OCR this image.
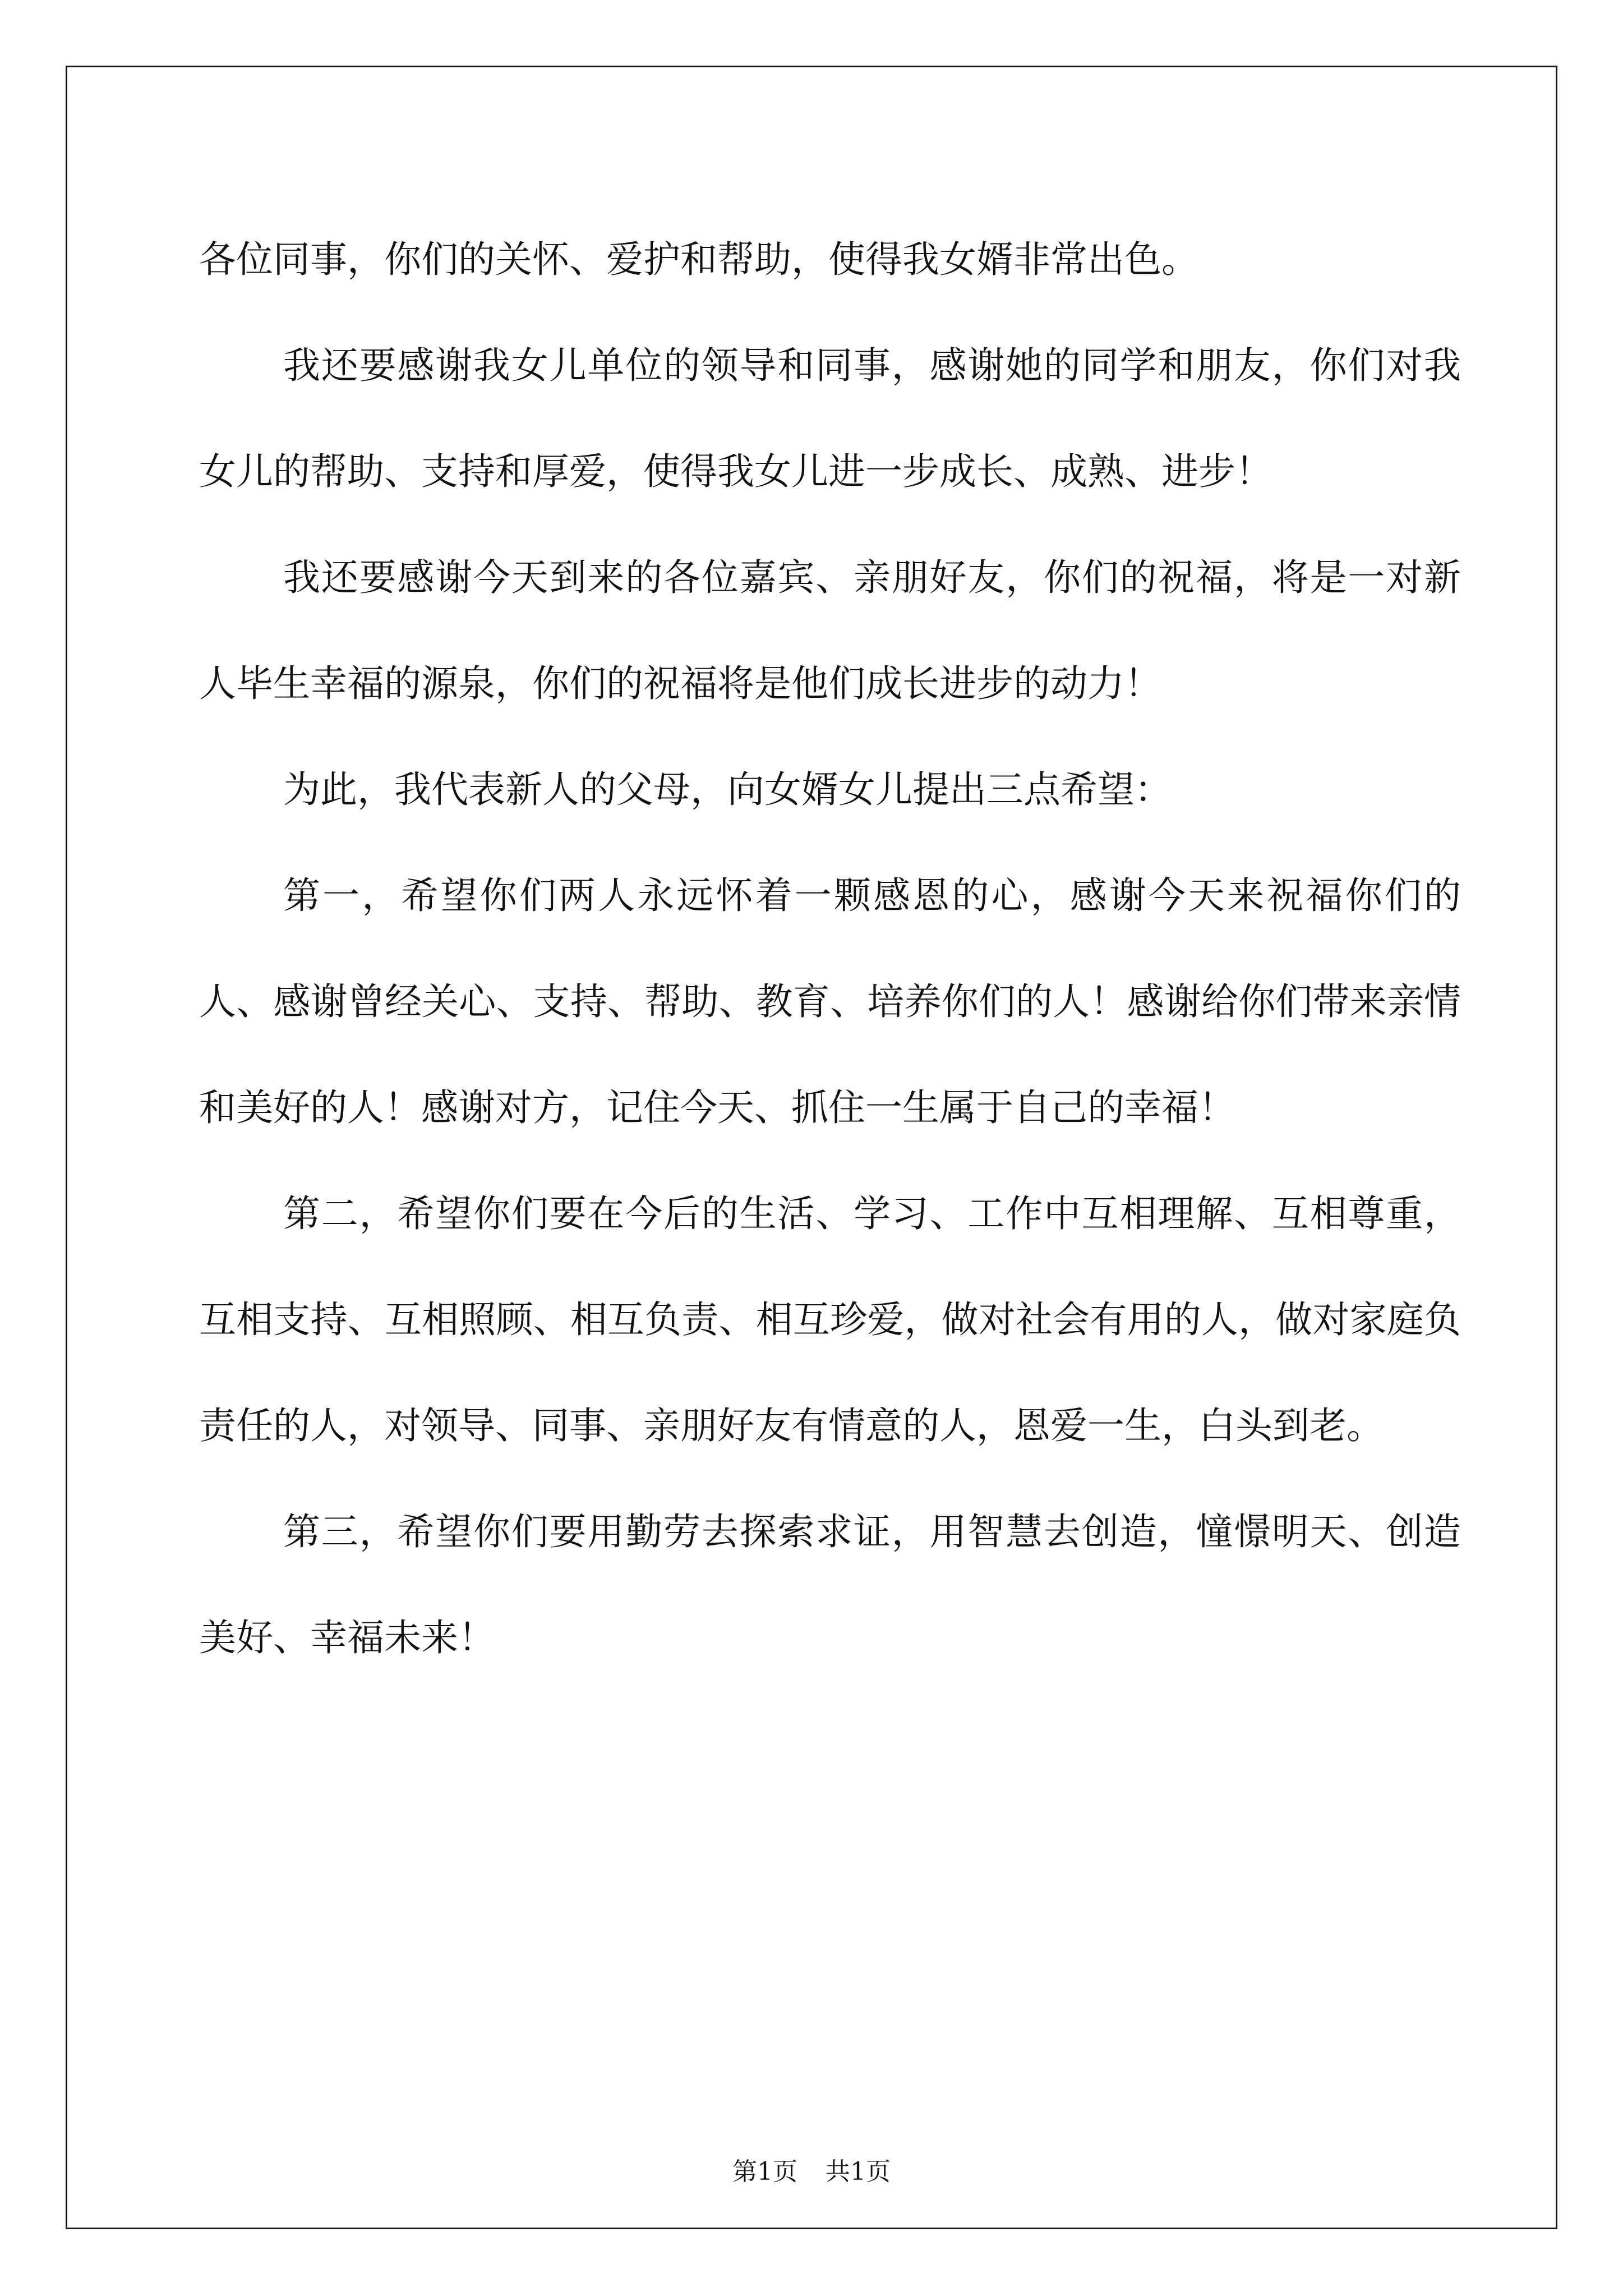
各位同事，你们的关怀、爱护和帮助，使得我女婿非常出色。

我还要感谢我女儿单位的领导和同事，感谢她的同学和朋友，你们对我女儿的帮助、支持和厚爱，使得我女儿进一步成长、成熟、进步！

我还要感谢今天到来的各位嘉宾、亲朋好友，你们的祝福，将是一对新人毕生幸福的源泉，你们的祝福将是他们成长进步的动力！

为此，我代表新人的父母，向女婿女儿提出三点希望：

第一，希望你们两人永远怀着一颗感恩的心，感谢今天来祝福你们的人、感谢曾经关心、支持、帮助、教育、培养你们的人！感谢给你们带来亲情和美好的人！感谢对方，记住今天、抓住一生属于自己的幸福！

第二，希望你们要在今后的生活、学习、工作中互相理解、互相尊重，互相支持、互相照顾、相互负责、相互珍爱，做对社会有用的人，做对家庭负责任的人，对领导、同事、亲朋好友有情意的人，恩爱一生，白头到老。

第三，希望你们要用勤劳去探索求证，用智慧去创造，憧憬明天、创造美好、幸福未来！

第1页 共1页
